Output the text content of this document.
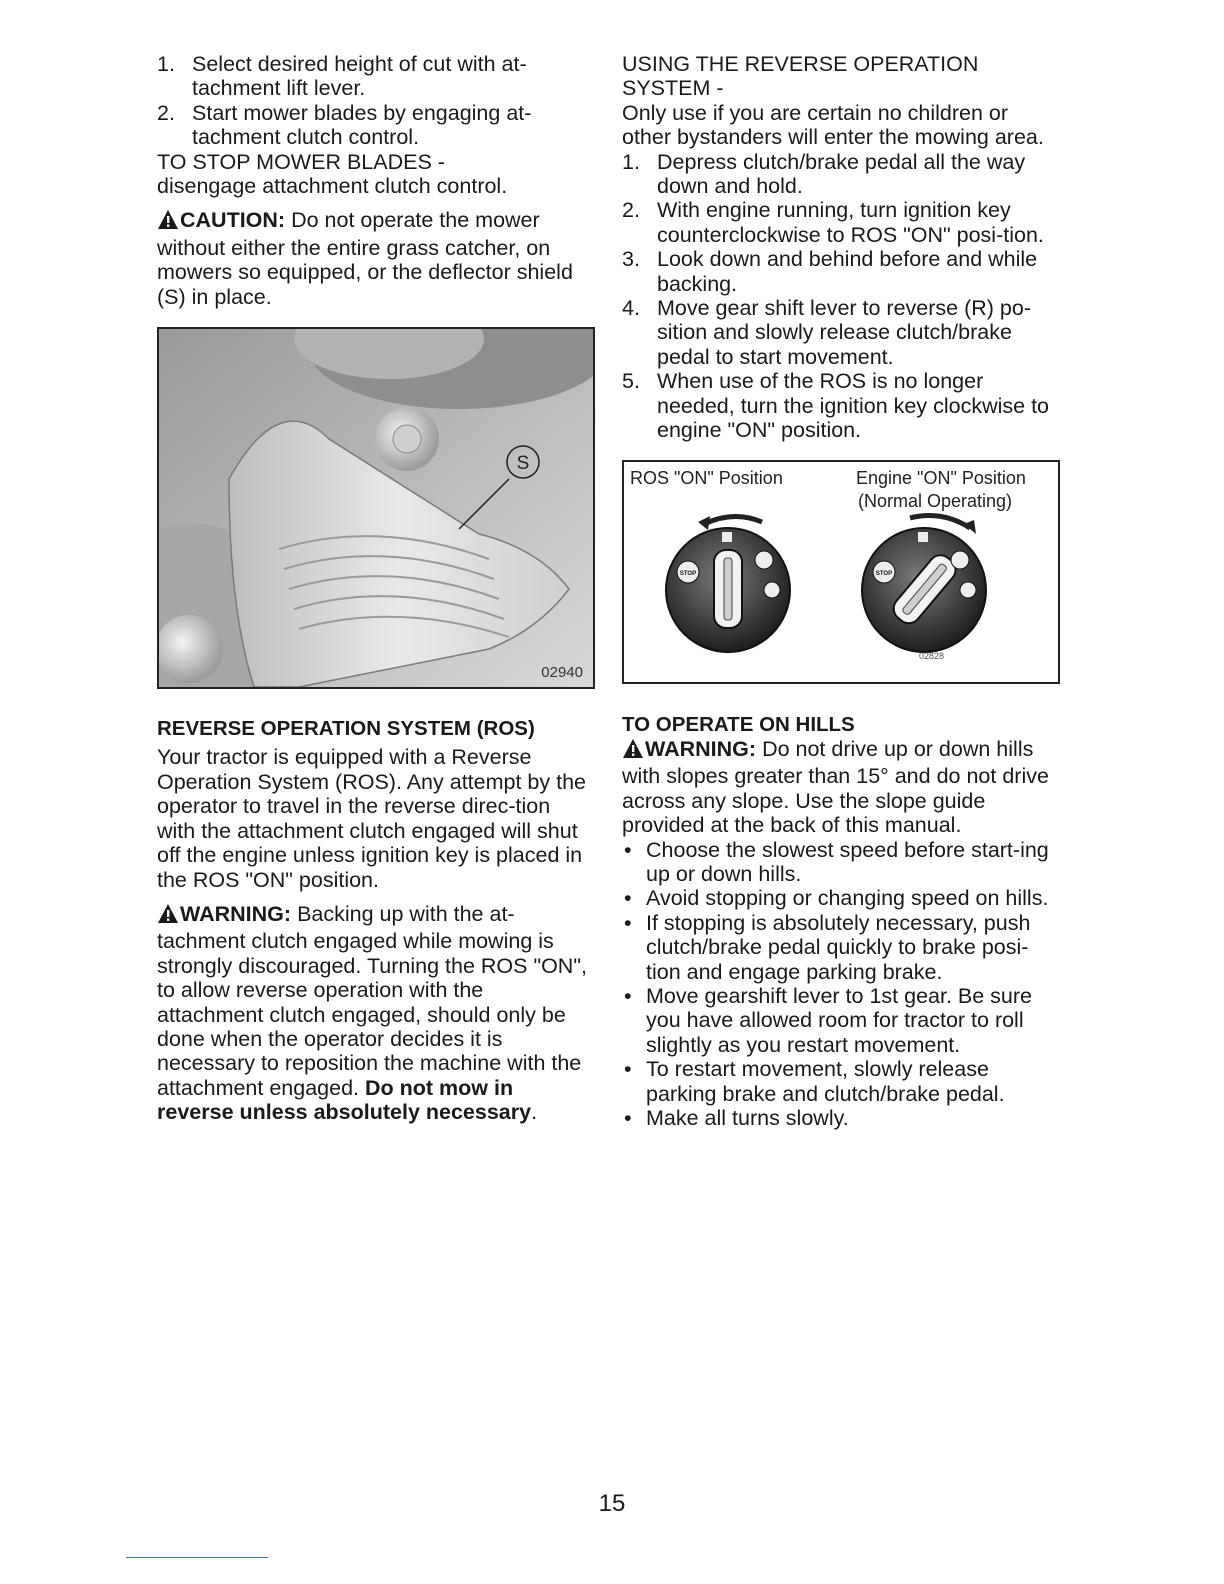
1. Select desired height of cut with at-tachment lift lever.
2. Start mower blades by engaging at-tachment clutch control.

TO STOP MOWER BLADES -

disengage attachment clutch control.

CAUTION: Do not operate the mower without either the entire grass catcher, on mowers so equipped, or the deflector shield (S) in place.

S
02940

REVERSE OPERATION SYSTEM (ROS)

Your tractor is equipped with a Reverse Operation System (ROS). Any attempt by the operator to travel in the reverse direc-tion with the attachment clutch engaged will shut off the engine unless ignition key is placed in the ROS "ON" position.

WARNING: Backing up with the at-tachment clutch engaged while mowing is strongly discouraged. Turning the ROS "ON", to allow reverse operation with the attachment clutch engaged, should only be done when the operator decides it is necessary to reposition the machine with the attachment engaged. Do not mow in reverse unless absolutely necessary.

USING THE REVERSE OPERATION

SYSTEM -

Only use if you are certain no children or other bystanders will enter the mowing area.

1. Depress clutch/brake pedal all the way down and hold.
2. With engine running, turn ignition key counterclockwise to ROS "ON" posi-tion.
3. Look down and behind before and while backing.
4. Move gear shift lever to reverse (R) po-sition and slowly release clutch/brake pedal to start movement.
5. When use of the ROS is no longer needed, turn the ignition key clockwise to engine "ON" position.
ROS "ON" Position	Engine "ON" Position
(Normal Operating)
STOP	STOP
02828

TO OPERATE ON HILLS

WARNING: Do not drive up or down hills with slopes greater than 15° and do not drive across any slope. Use the slope guide provided at the back of this manual.

• Choose the slowest speed before start-ing up or down hills.
• Avoid stopping or changing speed on hills.
• If stopping is absolutely necessary, push clutch/brake pedal quickly to brake posi-tion and engage parking brake.
• Move gearshift lever to 1st gear. Be sure you have allowed room for tractor to roll slightly as you restart movement.
• To restart movement, slowly release parking brake and clutch/brake pedal.
• Make all turns slowly.
15
